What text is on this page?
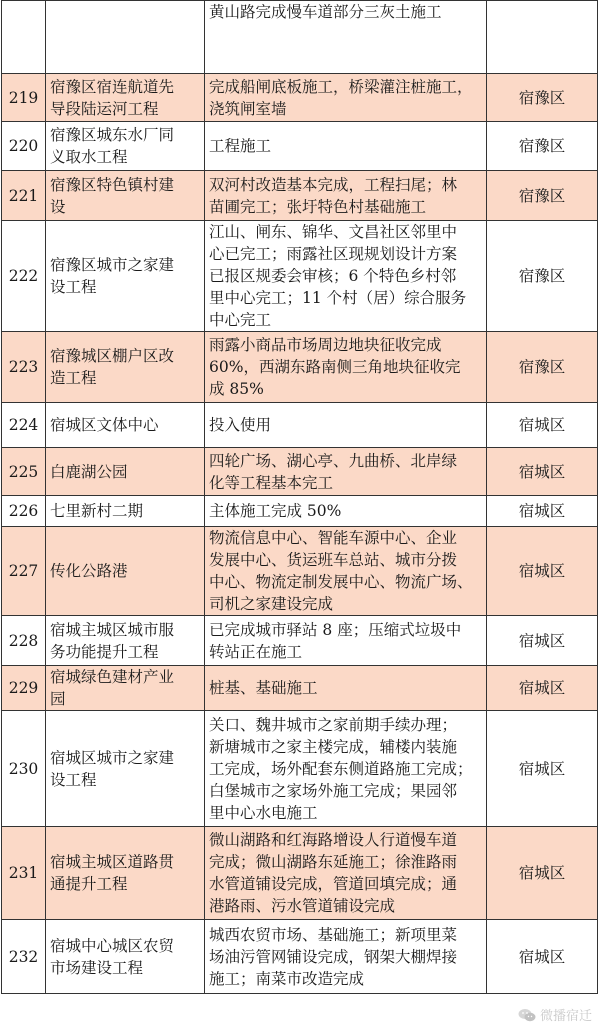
		黄山路完成慢车道部分三灰土施工	
219	宿豫区宿连航道先
导段陆运河工程	完成船闸底板施工，桥梁灌注桩施工，
浇筑闸室墙	宿豫区
220	宿豫区城东水厂同
义取水工程	工程施工	宿豫区
221	宿豫区特色镇村建
设	双河村改造基本完成，工程扫尾；林
苗圃完工；张圩特色村基础施工	宿豫区
222	宿豫区城市之家建
设工程	江山、闸东、锦华、文昌社区邻里中
心已完工；雨露社区现规划设计方案
已报区规委会审核；6 个特色乡村邻
里中心完工；11 个村（居）综合服务
中心完工	宿豫区
223	宿豫城区棚户区改
造工程	雨露小商品市场周边地块征收完成
60%，西湖东路南侧三角地块征收完
成 85%	宿豫区
224	宿城区文体中心	投入使用	宿城区
225	白鹿湖公园	四轮广场、湖心亭、九曲桥、北岸绿
化等工程基本完工	宿城区
226	七里新村二期	主体施工完成 50%	宿城区
227	传化公路港	物流信息中心、智能车源中心、企业
发展中心、货运班车总站、城市分拨
中心、物流定制发展中心、物流广场、
司机之家建设完成	宿城区
228	宿城主城区城市服
务功能提升工程	已完成城市驿站 8 座；压缩式垃圾中
转站正在施工	宿城区
229	宿城绿色建材产业
园	桩基、基础施工	宿城区
230	宿城区城市之家建
设工程	关口、魏井城市之家前期手续办理；
新塘城市之家主楼完成，辅楼内装施
工完成，场外配套东侧道路施工完成；
白堡城市之家场外施工完成；果园邻
里中心水电施工	宿城区
231	宿城主城区道路贯
通提升工程	微山湖路和红海路增设人行道慢车道
完成；微山湖路东延施工；徐淮路雨
水管道铺设完成，管道回填完成；通
港路雨、污水管道铺设完成	宿城区
232	宿城中心城区农贸
市场建设工程	城西农贸市场、基础施工；新项里菜
场油污管网铺设完成，钢架大棚焊接
施工；南菜市改造完成	宿城区
微播宿迁
